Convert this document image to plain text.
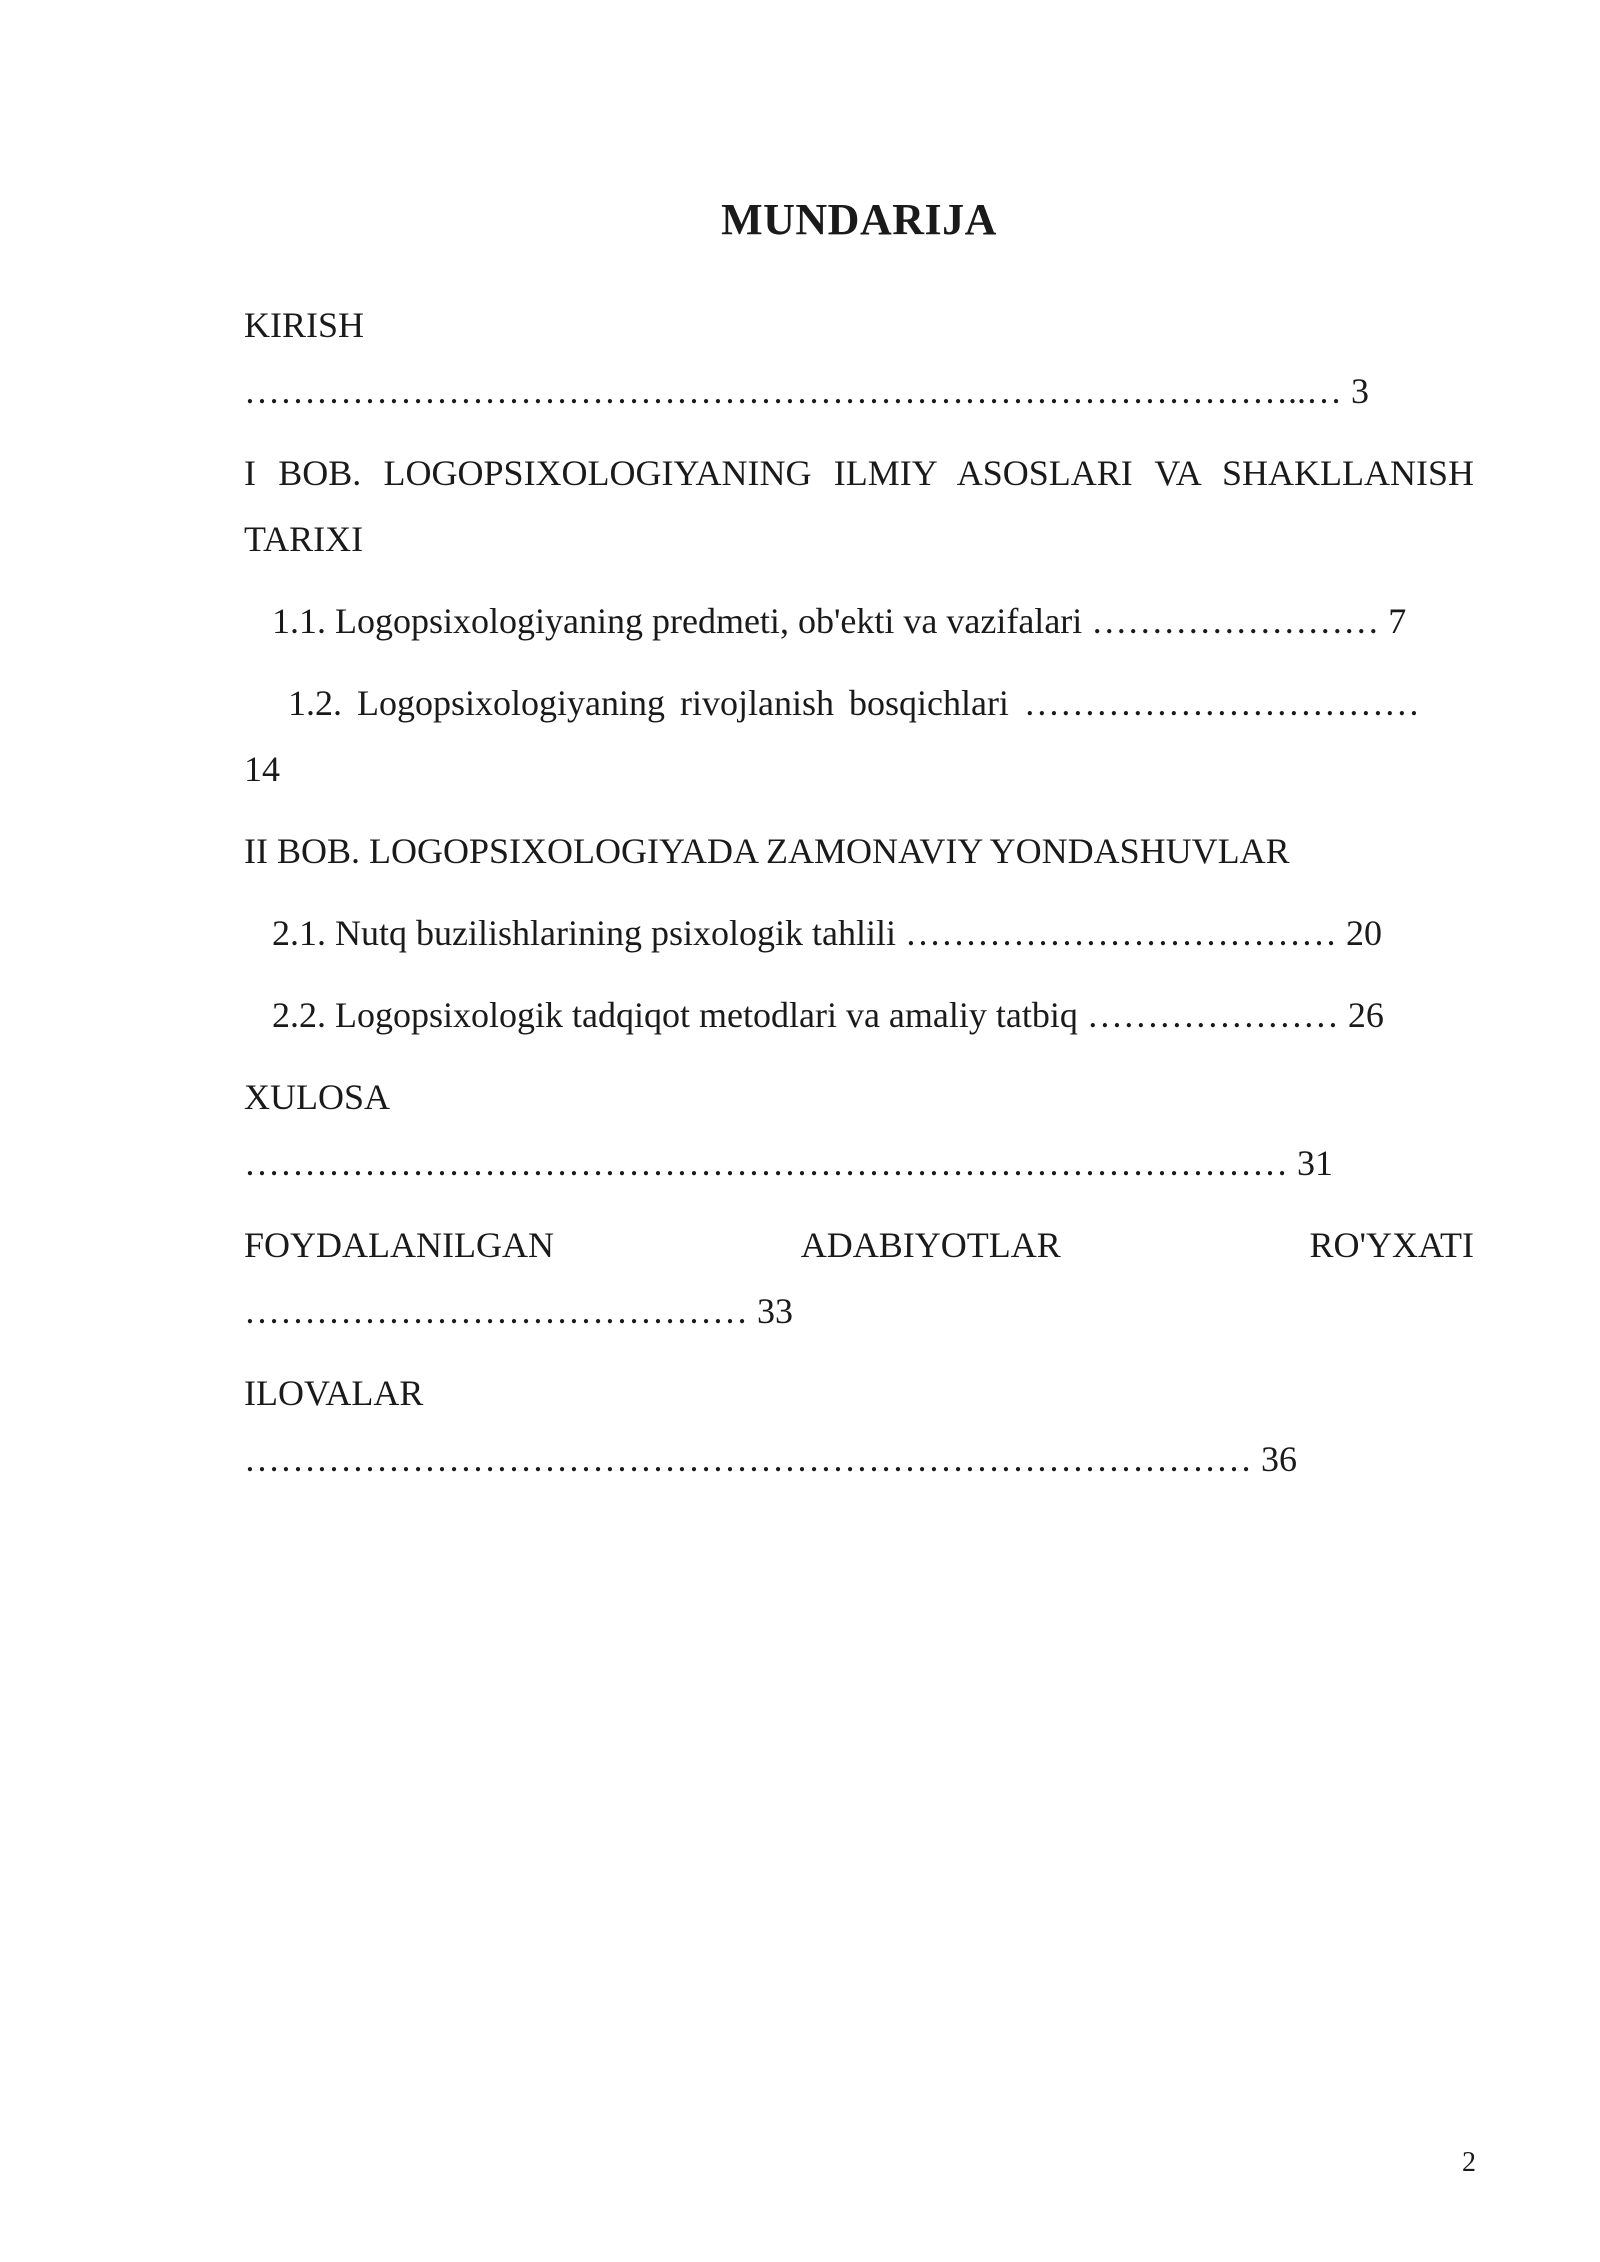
MUNDARIJA
KIRISH
……………………………………………………………………………..… 3
I BOB. LOGOPSIXOLOGIYANING ILMIY ASOSLARI VA SHAKLLANISH
TARIXI
1.1. Logopsixologiyaning predmeti, ob'ekti va vazifalari …………………… 7
1.2. Logopsixologiyaning rivojlanish bosqichlari ……………………………
14
II BOB. LOGOPSIXOLOGIYADA ZAMONAVIY YONDASHUVLAR
2.1. Nutq buzilishlarining psixologik tahlili ……………………………… 20
2.2. Logopsixologik tadqiqot metodlari va amaliy tatbiq ………………… 26
XULOSA
…………………………………………………………………………… 31
FOYDALANILGAN ADABIYOTLAR RO'YXATI
…………………………………… 33
ILOVALAR
………………………………………………………………………… 36
2
